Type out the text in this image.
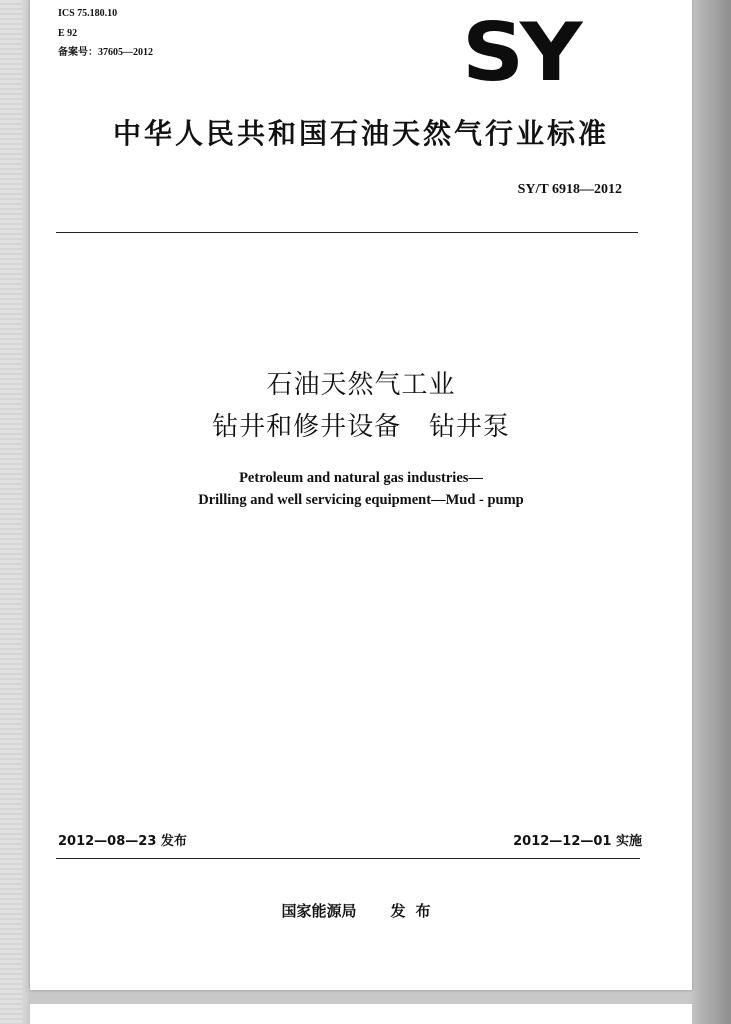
ICS 75.180.10
E 92
备案号：37605—2012	SY
中华人民共和国石油天然气行业标准
SY/T 6918—2012
石油天然气工业
钻井和修井设备   钻井泵
Petroleum and natural gas industries—
Drilling and well servicing equipment—Mud - pump
2012—08—23 发布	2012—12—01 实施
国家能源局 发布
